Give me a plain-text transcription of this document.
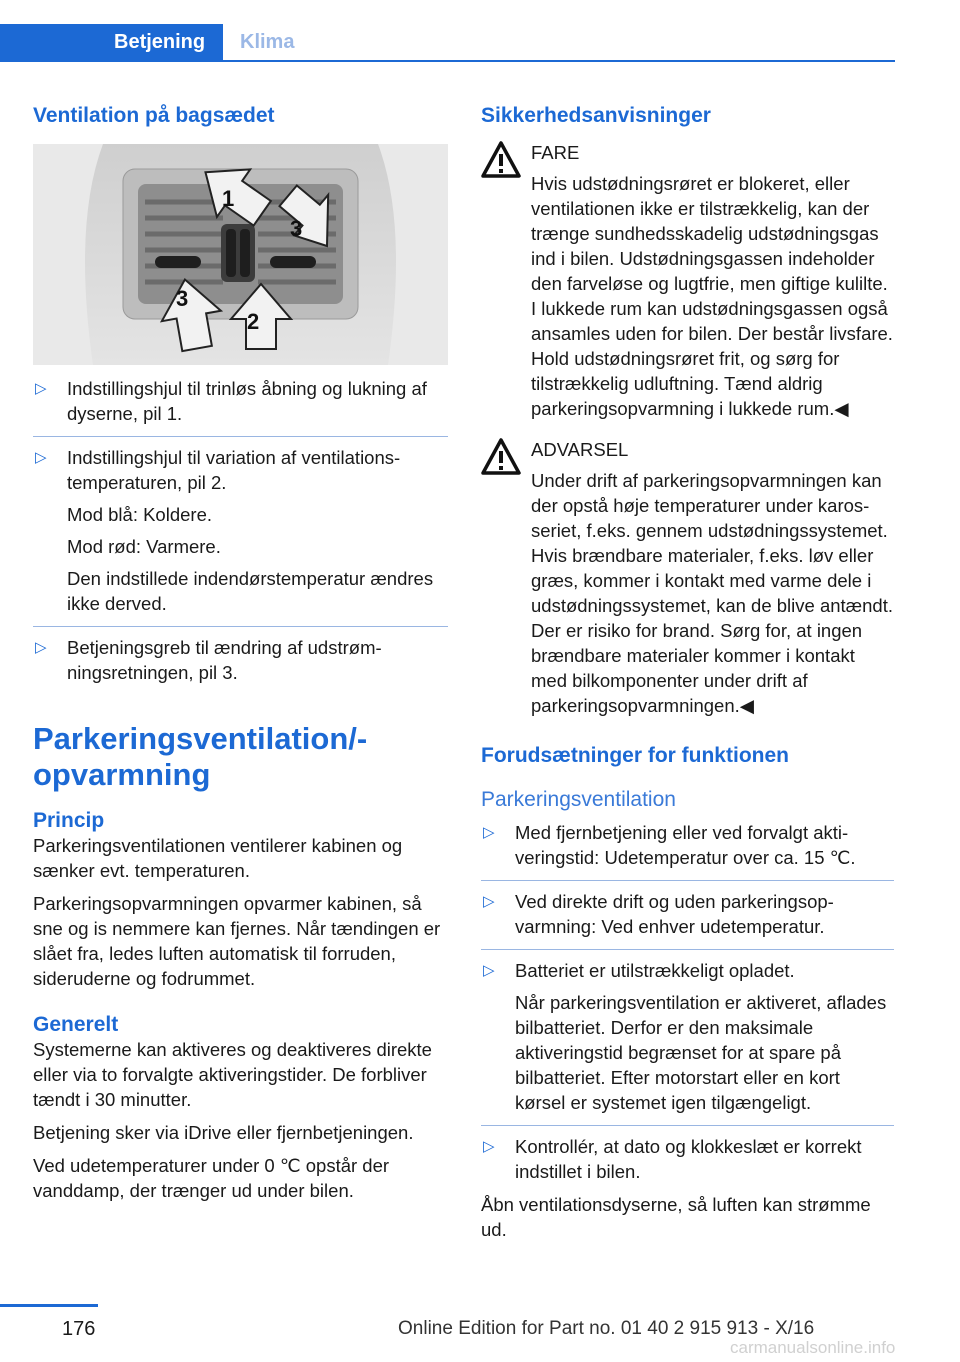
Betjening	Klima
Ventilation på bagsædet
1
2
3
3
▷ Indstillingshjul til trinløs åbning og lukning af dyserne, pil 1.
▷ Indstillingshjul til variation af ventilationstemperaturen, pil 2.
Mod blå: Koldere.
Mod rød: Varmere.
Den indstillede indendørstemperatur ændres ikke derved.
▷ Betjeningsgreb til ændring af udstrømningsretningen, pil 3.
Parkeringsventilation/-opvarmning
Princip

Parkeringsventilationen ventilerer kabinen og sænker evt. temperaturen.

Parkeringsopvarmningen opvarmer kabinen, så sne og is nemmere kan fjernes. Når tændingen er slået fra, ledes luften automatisk til forruden, sideruderne og fodrummet.

Generelt

Systemerne kan aktiveres og deaktiveres direkte eller via to forvalgte aktiveringstider. De forbliver tændt i 30 minutter.

Betjening sker via iDrive eller fjernbetjeningen.

Ved udetemperaturer under 0 ℃ opstår der vanddamp, der trænger ud under bilen.

Sikkerhedsanvisninger
FARE
Hvis udstødningsrøret er blokeret, eller ventilationen ikke er tilstrækkelig, kan der trænge sundhedsskadelig udstødningsgas ind i bilen. Udstødningsgassen indeholder den farveløse og lugtfrie, men giftige kulilte. I lukkede rum kan udstødningsgassen også ansamles uden for bilen. Der består livsfare. Hold udstødningsrøret frit, og sørg for tilstrækkelig udluftning. Tænd aldrig parkeringsopvarmning i lukkede rum.◀
ADVARSEL
Under drift af parkeringsopvarmningen kan der opstå høje temperaturer under karosseriet, f.eks. gennem udstødningssystemet. Hvis brændbare materialer, f.eks. løv eller græs, kommer i kontakt med varme dele i udstødningssystemet, kan de blive antændt. Der er risiko for brand. Sørg for, at ingen brændbare materialer kommer i kontakt med bilkomponenter under drift af parkeringsopvarmningen.◀
Forudsætninger for funktionen
Parkeringsventilation
▷ Med fjernbetjening eller ved forvalgt aktiveringstid: Udetemperatur over ca. 15 ℃.
▷ Ved direkte drift og uden parkeringsopvarmning: Ved enhver udetemperatur.
▷ Batteriet er utilstrækkeligt opladet.
Når parkeringsventilation er aktiveret, aflades bilbatteriet. Derfor er den maksimale aktiveringstid begrænset for at spare på bilbatteriet. Efter motorstart eller en kort kørsel er systemet igen tilgængeligt.
▷ Kontrollér, at dato og klokkeslæt er korrekt indstillet i bilen.

Åbn ventilationsdyserne, så luften kan strømme ud.

176	Online Edition for Part no. 01 40 2 915 913 - X/16
carmanualsonline.info
